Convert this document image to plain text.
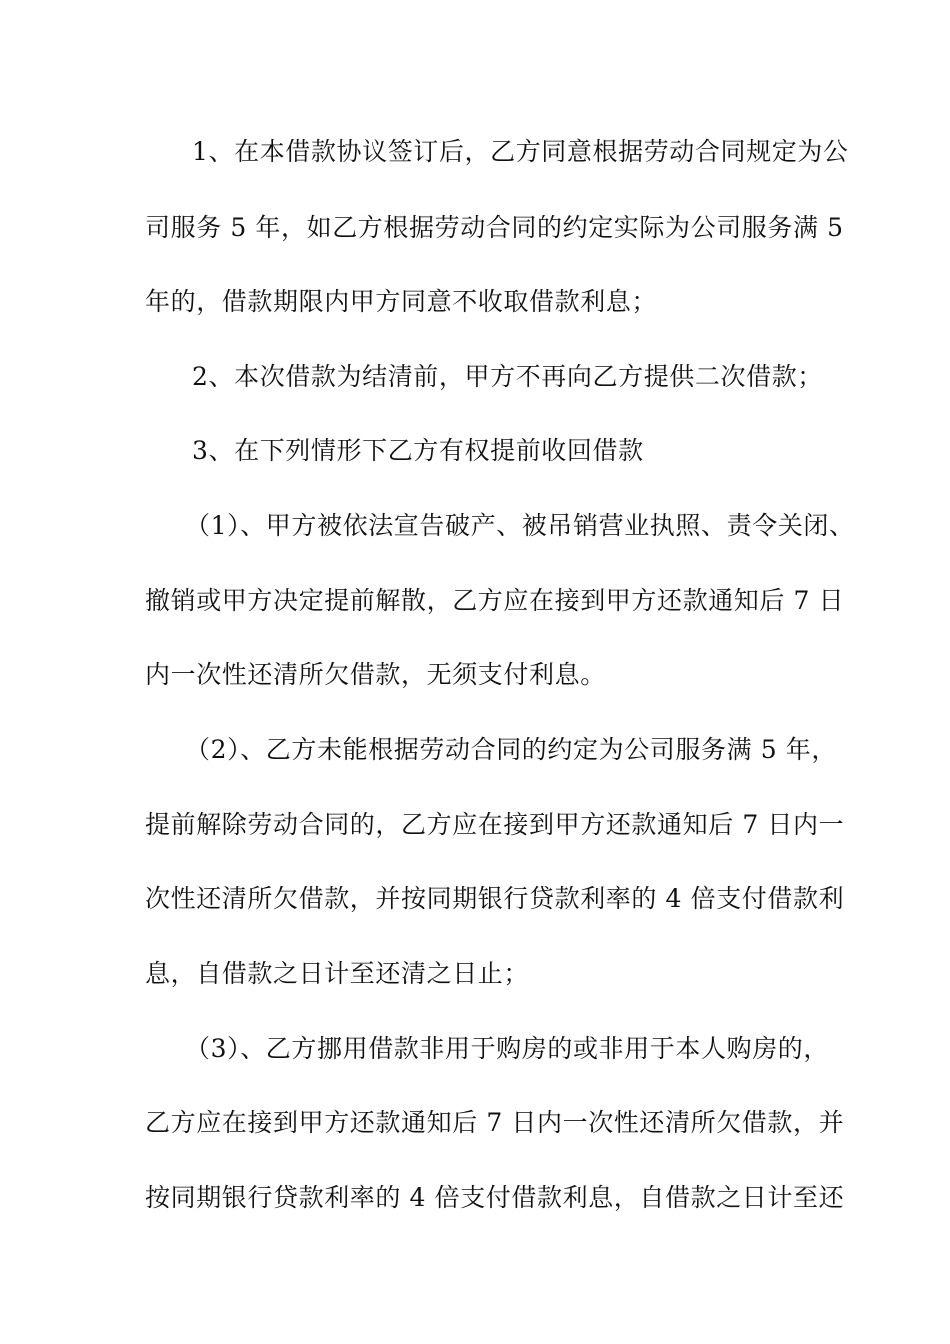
1、在本借款协议签订后，乙方同意根据劳动合同规定为公
司服务 5 年，如乙方根据劳动合同的约定实际为公司服务满 5
年的，借款期限内甲方同意不收取借款利息；
2、本次借款为结清前，甲方不再向乙方提供二次借款；
3、在下列情形下乙方有权提前收回借款
（1）、甲方被依法宣告破产、被吊销营业执照、责令关闭、
撤销或甲方决定提前解散，乙方应在接到甲方还款通知后 7 日
内一次性还清所欠借款，无须支付利息。
（2）、乙方未能根据劳动合同的约定为公司服务满 5 年，
提前解除劳动合同的，乙方应在接到甲方还款通知后 7 日内一
次性还清所欠借款，并按同期银行贷款利率的 4 倍支付借款利
息，自借款之日计至还清之日止；
（3）、乙方挪用借款非用于购房的或非用于本人购房的，
乙方应在接到甲方还款通知后 7 日内一次性还清所欠借款，并
按同期银行贷款利率的 4 倍支付借款利息，自借款之日计至还
